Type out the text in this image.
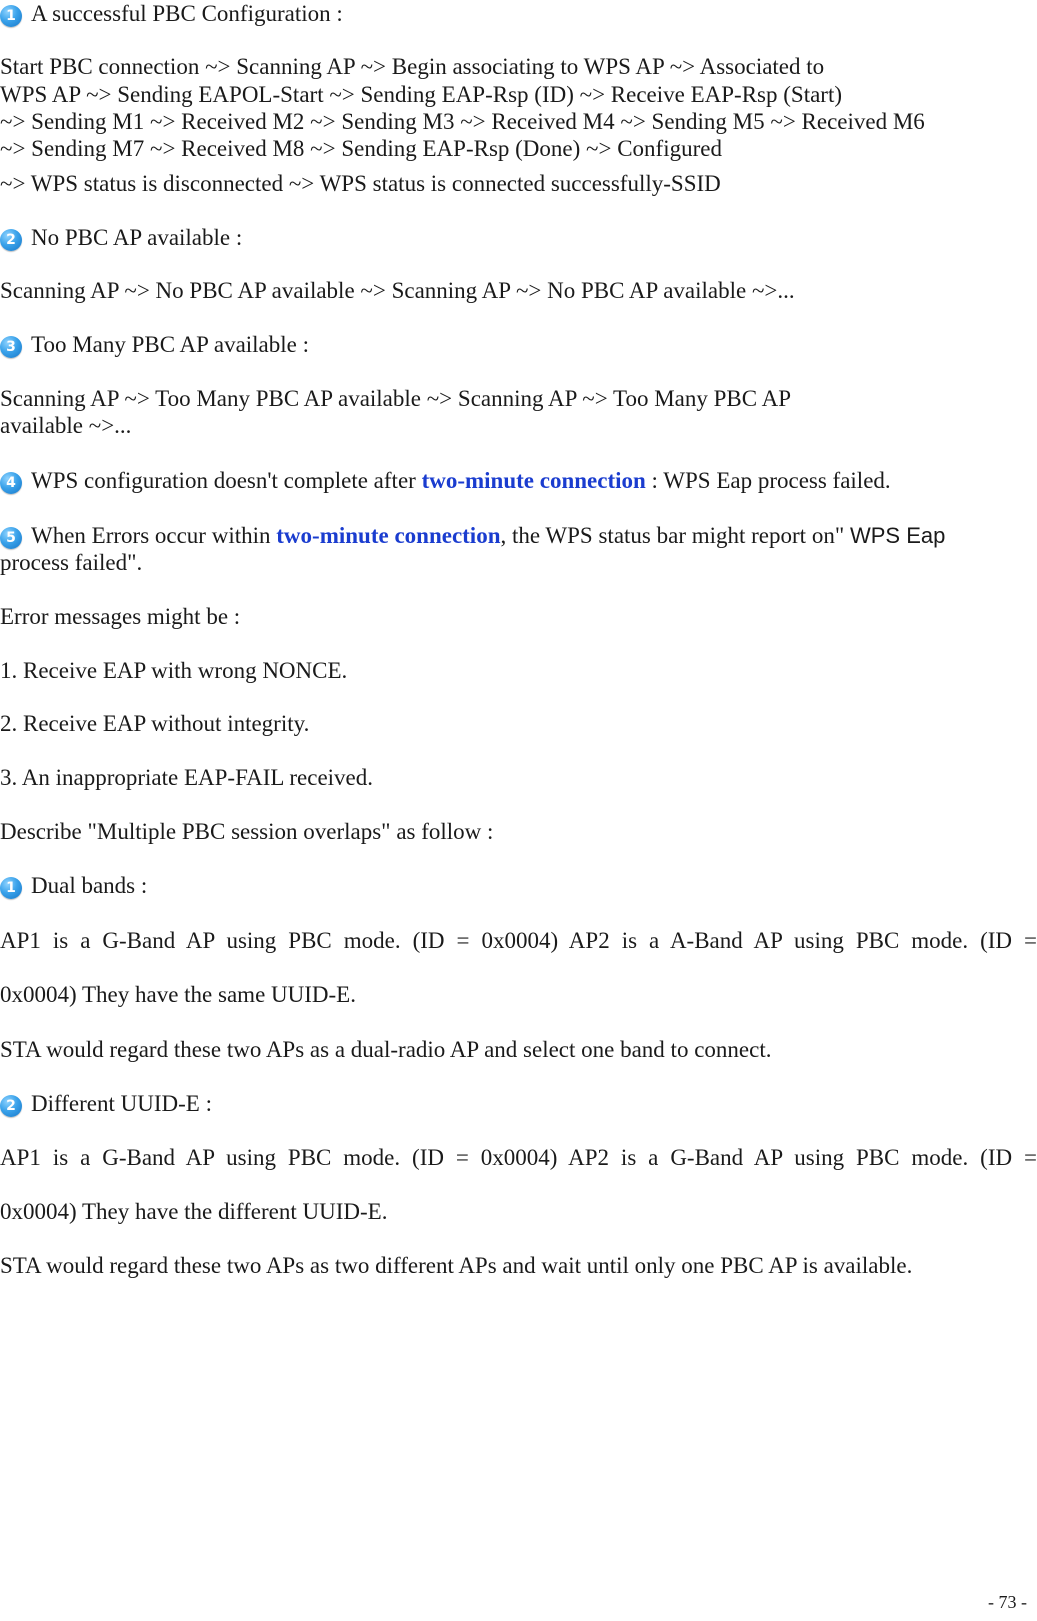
1 A successful PBC Configuration :
Start PBC connection ~> Scanning AP ~> Begin associating to WPS AP ~> Associated to
WPS AP ~> Sending EAPOL-Start ~> Sending EAP-Rsp (ID) ~> Receive EAP-Rsp (Start)
~> Sending M1 ~> Received M2 ~> Sending M3 ~> Received M4 ~> Sending M5 ~> Received M6
~> Sending M7 ~> Received M8 ~> Sending EAP-Rsp (Done) ~> Configured
~> WPS status is disconnected ~> WPS status is connected successfully-SSID
2 No PBC AP available :
Scanning AP ~> No PBC AP available ~> Scanning AP ~> No PBC AP available ~>...
3 Too Many PBC AP available :
Scanning AP ~> Too Many PBC AP available ~> Scanning AP ~> Too Many PBC AP
available ~>...
4 WPS configuration doesn't complete after two-minute connection : WPS Eap process failed.
5 When Errors occur within two-minute connection, the WPS status bar might report on" WPS Eap
process failed".
Error messages might be :
1. Receive EAP with wrong NONCE.
2. Receive EAP without integrity.
3. An inappropriate EAP-FAIL received.
Describe "Multiple PBC session overlaps" as follow :
1 Dual bands :
AP1 is a G-Band AP using PBC mode. (ID = 0x0004) AP2 is a A-Band AP using PBC mode. (ID =
0x0004) They have the same UUID-E.
STA would regard these two APs as a dual-radio AP and select one band to connect.
2 Different UUID-E :
AP1 is a G-Band AP using PBC mode. (ID = 0x0004) AP2 is a G-Band AP using PBC mode. (ID =
0x0004) They have the different UUID-E.
STA would regard these two APs as two different APs and wait until only one PBC AP is available.
- 73 -
